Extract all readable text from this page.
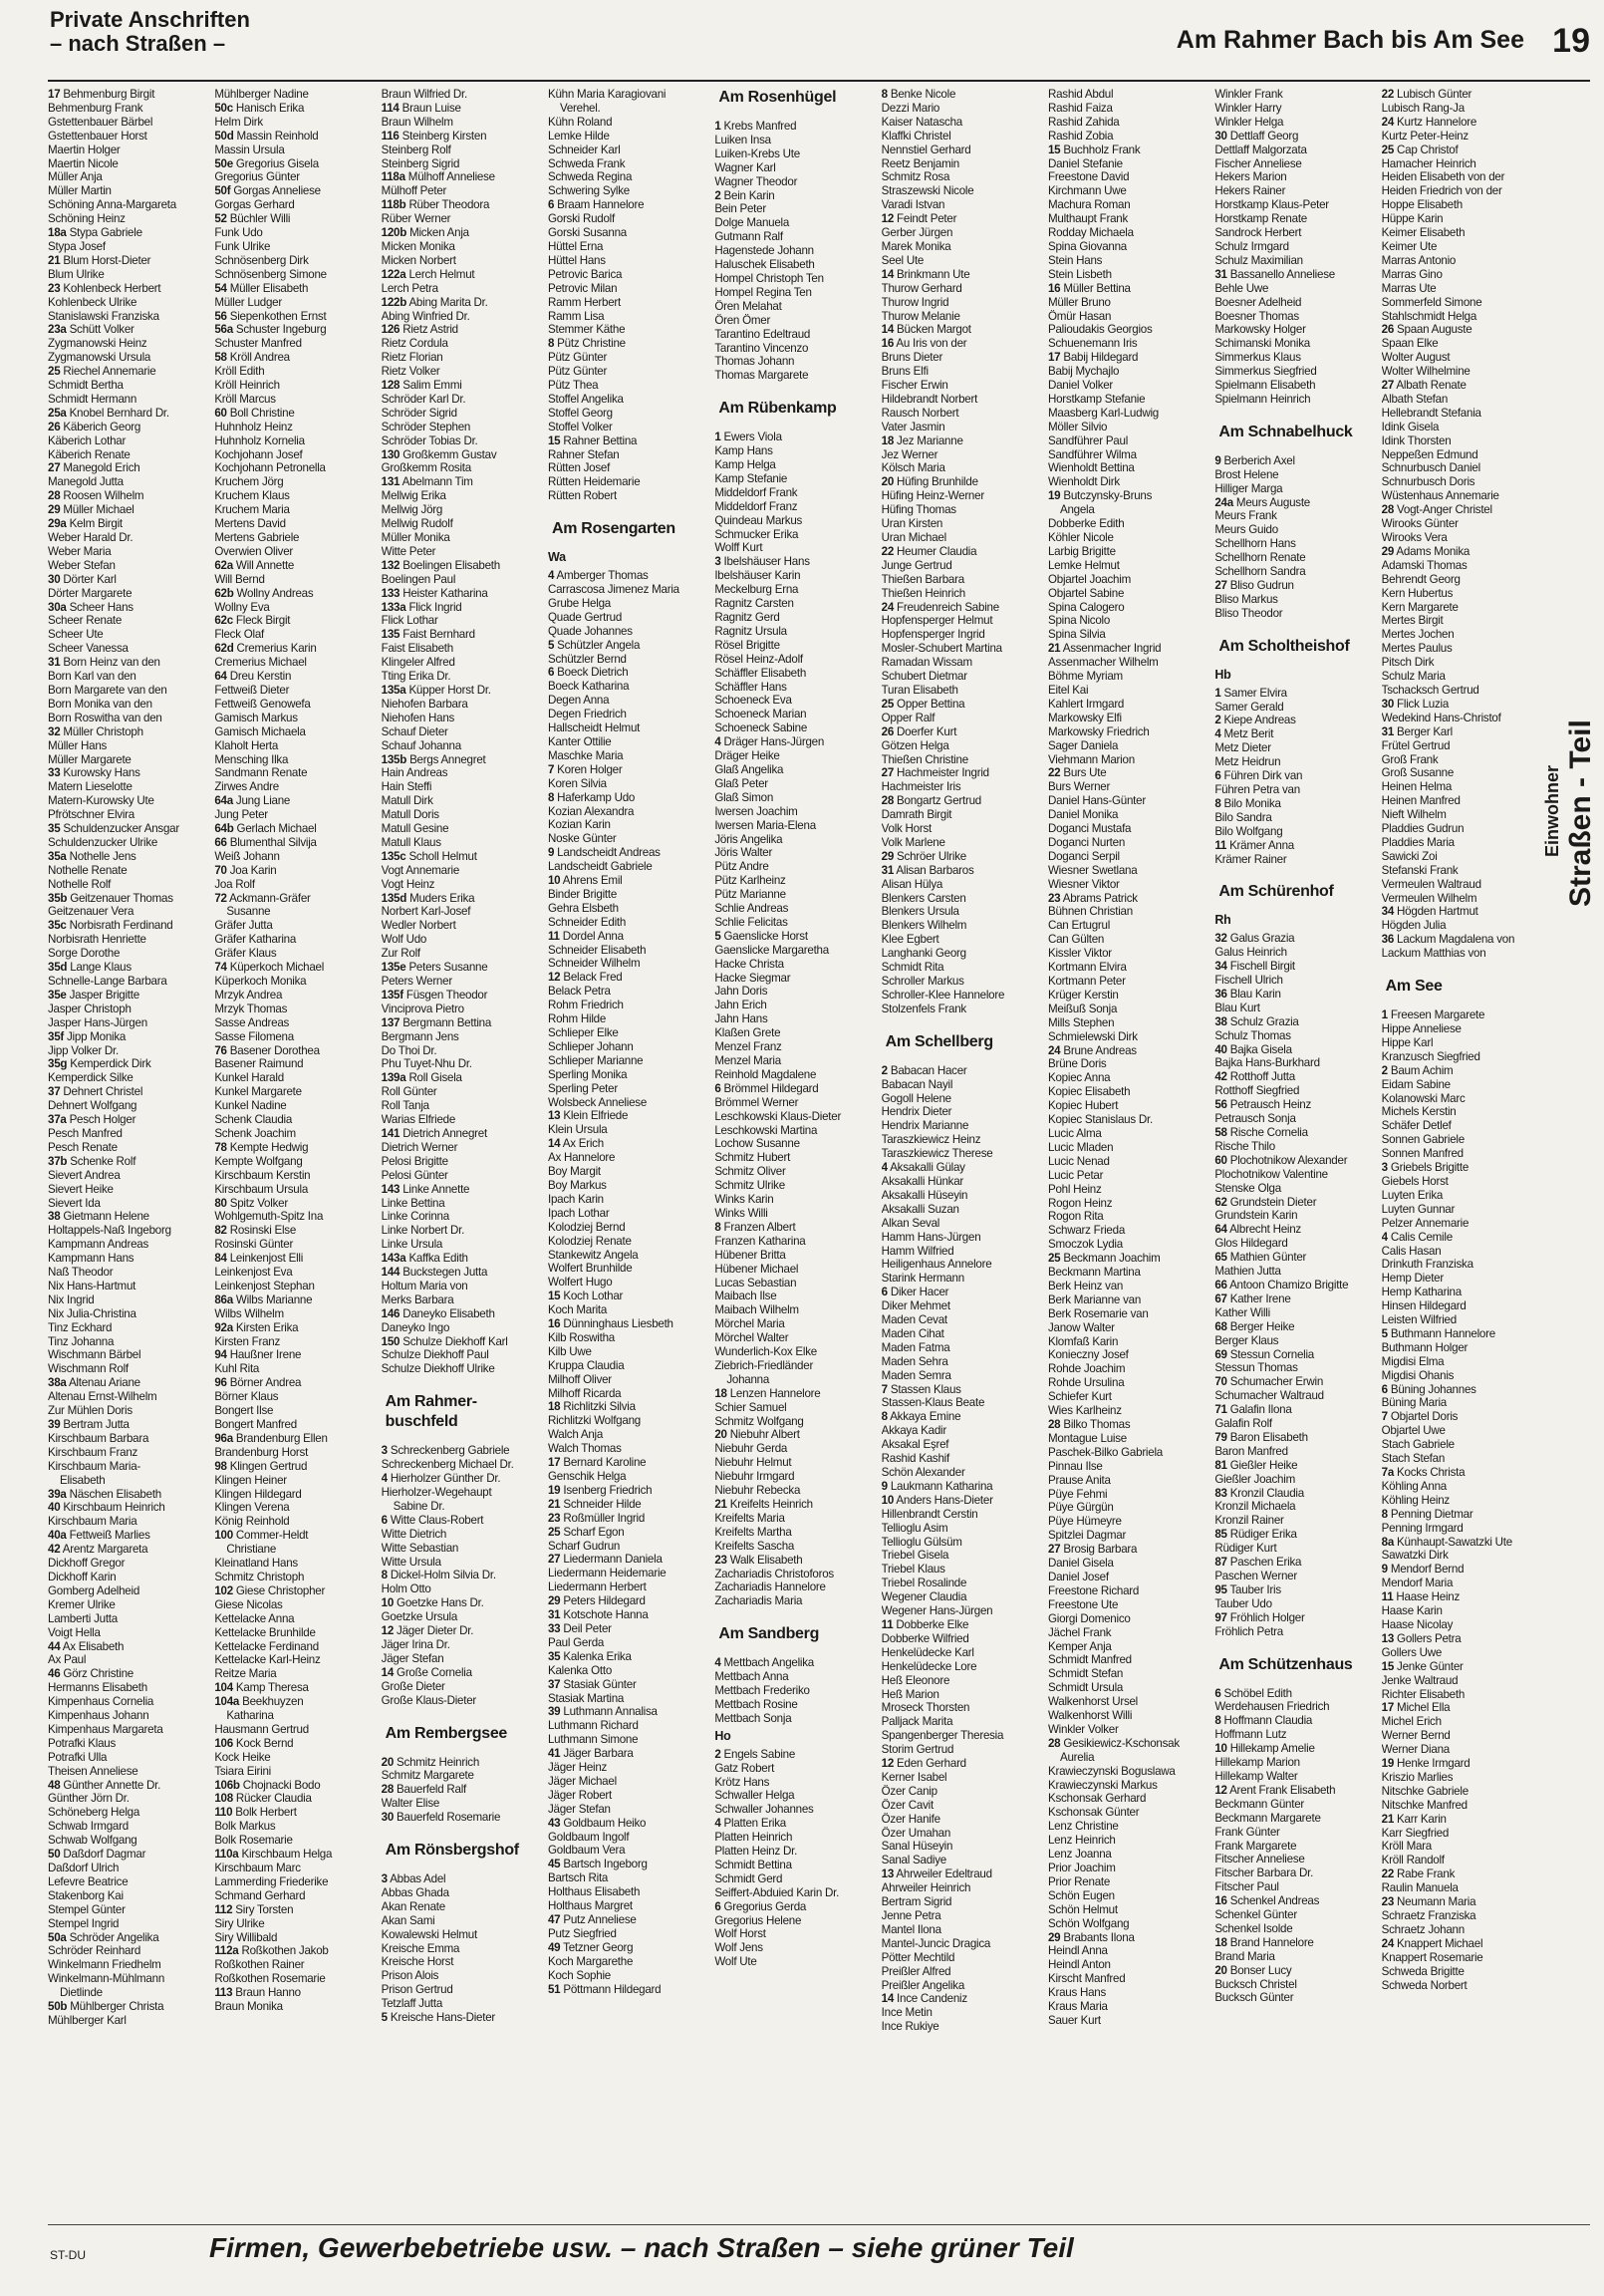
Private Anschriften
– nach Straßen –	Am Rahmer Bach bis Am See 19
17 Behmenburg Birgit
Behmenburg Frank
Gstettenbauer Bärbel
Gstettenbauer Horst
Maertin Holger
Maertin Nicole
Müller Anja
Müller Martin
Schöning Anna-Margareta
Schöning Heinz
18a Stypa Gabriele
Stypa Josef
21 Blum Horst-Dieter
Blum Ulrike
23 Kohlenbeck Herbert
Kohlenbeck Ulrike
Stanislawski Franziska
23a Schütt Volker
Zygmanowski Heinz
Zygmanowski Ursula
25 Riechel Annemarie
Schmidt Bertha
Schmidt Hermann
25a Knobel Bernhard Dr.
26 Käberich Georg
Käberich Lothar
Käberich Renate
27 Manegold Erich
Manegold Jutta
28 Roosen Wilhelm
29 Müller Michael
29a Kelm Birgit
Weber Harald Dr.
Weber Maria
Weber Stefan
30 Dörter Karl
Dörter Margarete
30a Scheer Hans
Scheer Renate
Scheer Ute
Scheer Vanessa
31 Born Heinz van den
Born Karl van den
Born Margarete van den
Born Monika van den
Born Roswitha van den
32 Müller Christoph
Müller Hans
Müller Margarete
33 Kurowsky Hans
Matern Lieselotte
Matern-Kurowsky Ute
Pfrötschner Elvira
35 Schuldenzucker Ansgar
Schuldenzucker Ulrike
35a Nothelle Jens
Nothelle Renate
Nothelle Rolf
35b Geitzenauer Thomas
Geitzenauer Vera
35c Norbisrath Ferdinand
Norbisrath Henriette
Sorge Dorothe
35d Lange Klaus
Schnelle-Lange Barbara
35e Jasper Brigitte
Jasper Christoph
Jasper Hans-Jürgen
35f Jipp Monika
Jipp Volker Dr.
35g Kemperdick Dirk
Kemperdick Silke
37 Dehnert Christel
Dehnert Wolfgang
37a Pesch Holger
Pesch Manfred
Pesch Renate
37b Schenke Rolf
Sievert Andrea
Sievert Heike
Sievert Ida
38 Gietmann Helene
Holtappels-Naß Ingeborg
Kampmann Andreas
Kampmann Hans
Naß Theodor
Nix Hans-Hartmut
Nix Ingrid
Nix Julia-Christina
Tinz Eckhard
Tinz Johanna
Wischmann Bärbel
Wischmann Rolf
38a Altenau Ariane
Altenau Ernst-Wilhelm
Zur Mühlen Doris
39 Bertram Jutta
Kirschbaum Barbara
Kirschbaum Franz
Kirschbaum Maria-
Elisabeth
39a Näschen Elisabeth
40 Kirschbaum Heinrich
Kirschbaum Maria
40a Fettweiß Marlies
42 Arentz Margareta
Dickhoff Gregor
Dickhoff Karin
Gomberg Adelheid
Kremer Ulrike
Lamberti Jutta
Voigt Hella
44 Ax Elisabeth
Ax Paul
46 Görz Christine
Hermanns Elisabeth
Kimpenhaus Cornelia
Kimpenhaus Johann
Kimpenhaus Margareta
Potrafki Klaus
Potrafki Ulla
Theisen Anneliese
48 Günther Annette Dr.
Günther Jörn Dr.
Schöneberg Helga
Schwab Irmgard
Schwab Wolfgang
50 Daßdorf Dagmar
Daßdorf Ulrich
Lefevre Beatrice
Stakenborg Kai
Stempel Günter
Stempel Ingrid
50a Schröder Angelika
Schröder Reinhard
Winkelmann Friedhelm
Winkelmann-Mühlmann
Dietlinde
50b Mühlberger Christa
Mühlberger Karl
Mühlberger Nadine
50c Hanisch Erika
Helm Dirk
50d Massin Reinhold
Massin Ursula
50e Gregorius Gisela
Gregorius Günter
50f Gorgas Anneliese
Gorgas Gerhard
52 Büchler Willi
Funk Udo
Funk Ulrike
Schnösenberg Dirk
Schnösenberg Simone
54 Müller Elisabeth
Müller Ludger
56 Siepenkothen Ernst
56a Schuster Ingeburg
Schuster Manfred
58 Kröll Andrea
Kröll Edith
Kröll Heinrich
Kröll Marcus
60 Boll Christine
Huhnholz Heinz
Huhnholz Kornelia
Kochjohann Josef
Kochjohann Petronella
Kruchem Jörg
Kruchem Klaus
Kruchem Maria
Mertens David
Mertens Gabriele
Overwien Oliver
62a Will Annette
Will Bernd
62b Wollny Andreas
Wollny Eva
62c Fleck Birgit
Fleck Olaf
62d Cremerius Karin
Cremerius Michael
64 Dreu Kerstin
Fettweiß Dieter
Fettweiß Genowefa
Gamisch Markus
Gamisch Michaela
Klaholt Herta
Mensching Ilka
Sandmann Renate
Zirwes Andre
64a Jung Liane
Jung Peter
64b Gerlach Michael
66 Blumenthal Silvija
Weiß Johann
70 Joa Karin
Joa Rolf
72 Ackmann-Gräfer
Susanne
Gräfer Jutta
Gräfer Katharina
Gräfer Klaus
74 Küperkoch Michael
Küperkoch Monika
Mrzyk Andrea
Mrzyk Thomas
Sasse Andreas
Sasse Filomena
76 Basener Dorothea
Basener Raimund
Kunkel Harald
Kunkel Margarete
Kunkel Nadine
Schenk Claudia
Schenk Joachim
78 Kempte Hedwig
Kempte Wolfgang
Kirschbaum Kerstin
Kirschbaum Ursula
80 Spitz Volker
Wohlgemuth-Spitz Ina
82 Rosinski Else
Rosinski Günter
84 Leinkenjost Elli
Leinkenjost Eva
Leinkenjost Stephan
86a Wilbs Marianne
Wilbs Wilhelm
92a Kirsten Erika
Kirsten Franz
94 Haußner Irene
Kuhl Rita
96 Börner Andrea
Börner Klaus
Bongert Ilse
Bongert Manfred
96a Brandenburg Ellen
Brandenburg Horst
98 Klingen Gertrud
Klingen Heiner
Klingen Hildegard
Klingen Verena
König Reinhold
100 Commer-Heldt
Christiane
Kleinatland Hans
Schmitz Christoph
102 Giese Christopher
Giese Nicolas
Kettelacke Anna
Kettelacke Brunhilde
Kettelacke Ferdinand
Kettelacke Karl-Heinz
Reitze Maria
104 Kamp Theresa
104a Beekhuyzen
Katharina
Hausmann Gertrud
106 Kock Bernd
Kock Heike
Tsiara Eirini
106b Chojnacki Bodo
108 Rücker Claudia
110 Bolk Herbert
Bolk Markus
Bolk Rosemarie
110a Kirschbaum Helga
Kirschbaum Marc
Lammerding Friederike
Schmand Gerhard
112 Siry Torsten
Siry Ulrike
Siry Willibald
112a Roßkothen Jakob
Roßkothen Rainer
Roßkothen Rosemarie
113 Braun Hanno
Braun Monika
Braun Wilfried Dr.
114 Braun Luise
Braun Wilhelm
116 Steinberg Kirsten
Steinberg Rolf
Steinberg Sigrid
118a Mülhoff Anneliese
Mülhoff Peter
118b Rüber Theodora
Rüber Werner
120b Micken Anja
Micken Monika
Micken Norbert
122a Lerch Helmut
Lerch Petra
122b Abing Marita Dr.
Abing Winfried Dr.
126 Rietz Astrid
Rietz Cordula
Rietz Florian
Rietz Volker
128 Salim Emmi
Schröder Karl Dr.
Schröder Sigrid
Schröder Stephen
Schröder Tobias Dr.
130 Großkemm Gustav
Großkemm Rosita
131 Abelmann Tim
Mellwig Erika
Mellwig Jörg
Mellwig Rudolf
Müller Monika
Witte Peter
132 Boelingen Elisabeth
Boelingen Paul
133 Heister Katharina
133a Flick Ingrid
Flick Lothar
135 Faist Bernhard
Faist Elisabeth
Klingeler Alfred
Tting Erika Dr.
135a Küpper Horst Dr.
Niehofen Barbara
Niehofen Hans
Schauf Dieter
Schauf Johanna
135b Bergs Annegret
Hain Andreas
Hain Steffi
Matull Dirk
Matull Doris
Matull Gesine
Matull Klaus
135c Scholl Helmut
Vogt Annemarie
Vogt Heinz
135d Muders Erika
Norbert Karl-Josef
Wedler Norbert
Wolf Udo
Zur Rolf
135e Peters Susanne
Peters Werner
135f Füsgen Theodor
Vinciprova Pietro
137 Bergmann Bettina
Bergmann Jens
Do Thoi Dr.
Phu Tuyet-Nhu Dr.
139a Roll Gisela
Roll Günter
Roll Tanja
Warias Elfriede
141 Dietrich Annegret
Dietrich Werner
Pelosi Brigitte
Pelosi Günter
143 Linke Annette
Linke Bettina
Linke Corinna
Linke Norbert Dr.
Linke Ursula
143a Kaffka Edith
144 Buckstegen Jutta
Holtum Maria von
Merks Barbara
146 Daneyko Elisabeth
Daneyko Ingo
150 Schulze Diekhoff Karl
Schulze Diekhoff Paul
Schulze Diekhoff Ulrike
Am Rahmer-buschfeld
3 Schreckenberg Gabriele
Schreckenberg Michael Dr.
4 Hierholzer Günther Dr.
Hierholzer-Wegehaupt
Sabine Dr.
6 Witte Claus-Robert
Witte Dietrich
Witte Sebastian
Witte Ursula
8 Dickel-Holm Silvia Dr.
Holm Otto
10 Goetzke Hans Dr.
Goetzke Ursula
12 Jäger Dieter Dr.
Jäger Irina Dr.
Jäger Stefan
14 Große Cornelia
Große Dieter
Große Klaus-Dieter
Am Rembergsee
20 Schmitz Heinrich
Schmitz Margarete
28 Bauerfeld Ralf
Walter Elise
30 Bauerfeld Rosemarie
Am Rönsbergshof
3 Abbas Adel
Abbas Ghada
Akan Renate
Akan Sami
Kowalewski Helmut
Kreische Emma
Kreische Horst
Prison Alois
Prison Gertrud
Tetzlaff Jutta
5 Kreische Hans-Dieter
Kühn Maria Karagiovani
Verehel.
Kühn Roland
Lemke Hilde
Schneider Karl
Schweda Frank
Schweda Regina
Schwering Sylke
6 Braam Hannelore
Gorski Rudolf
Gorski Susanna
Hüttel Erna
Hüttel Hans
Petrovic Barica
Petrovic Milan
Ramm Herbert
Ramm Lisa
Stemmer Käthe
8 Pütz Christine
Pütz Günter
Pütz Günter
Pütz Thea
Stoffel Angelika
Stoffel Georg
Stoffel Volker
15 Rahner Bettina
Rahner Stefan
Rütten Josef
Rütten Heidemarie
Rütten Robert
Am Rosengarten
Wa
4 Amberger Thomas
Carrascosa Jimenez Maria
Grube Helga
Quade Gertrud
Quade Johannes
5 Schützler Angela
Schützler Bernd
6 Boeck Dietrich
Boeck Katharina
Degen Anna
Degen Friedrich
Hallscheidt Helmut
Kanter Ottilie
Maschke Maria
7 Koren Holger
Koren Silvia
8 Haferkamp Udo
Kozian Alexandra
Kozian Karin
Noske Günter
9 Landscheidt Andreas
Landscheidt Gabriele
10 Ahrens Emil
Binder Brigitte
Gehra Elsbeth
Schneider Edith
11 Dordel Anna
Schneider Elisabeth
Schneider Wilhelm
12 Belack Fred
Belack Petra
Rohm Friedrich
Rohm Hilde
Schlieper Elke
Schlieper Johann
Schlieper Marianne
Sperling Monika
Sperling Peter
Wolsbeck Anneliese
13 Klein Elfriede
Klein Ursula
14 Ax Erich
Ax Hannelore
Boy Margit
Boy Markus
Ipach Karin
Ipach Lothar
Kolodziej Bernd
Kolodziej Renate
Stankewitz Angela
Wolfert Brunhilde
Wolfert Hugo
15 Koch Lothar
Koch Marita
16 Dünninghaus Liesbeth
Kilb Roswitha
Kilb Uwe
Kruppa Claudia
Milhoff Oliver
Milhoff Ricarda
18 Richlitzki Silvia
Richlitzki Wolfgang
Walch Anja
Walch Thomas
17 Bernard Karoline
Genschik Helga
19 Isenberg Friedrich
21 Schneider Hilde
23 Roßmüller Ingrid
25 Scharf Egon
Scharf Gudrun
27 Liedermann Daniela
Liedermann Heidemarie
Liedermann Herbert
29 Peters Hildegard
31 Kotschote Hanna
33 Deil Peter
Paul Gerda
35 Kalenka Erika
Kalenka Otto
37 Stasiak Günter
Stasiak Martina
39 Luthmann Annalisa
Luthmann Richard
Luthmann Simone
41 Jäger Barbara
Jäger Heinz
Jäger Michael
Jäger Robert
Jäger Stefan
43 Goldbaum Heiko
Goldbaum Ingolf
Goldbaum Vera
45 Bartsch Ingeborg
Bartsch Rita
Holthaus Elisabeth
Holthaus Margret
47 Putz Anneliese
Putz Siegfried
49 Tetzner Georg
Koch Margarethe
Koch Sophie
51 Pöttmann Hildegard
Am Rosenhügel
1 Krebs Manfred
Luiken Insa
Luiken-Krebs Ute
Wagner Karl
Wagner Theodor
2 Bein Karin
Bein Peter
Dolge Manuela
Gutmann Ralf
Hagenstede Johann
Haluschek Elisabeth
Hompel Christoph Ten
Hompel Regina Ten
Ören Melahat
Ören Ömer
Tarantino Edeltraud
Tarantino Vincenzo
Thomas Johann
Thomas Margarete
Am Rübenkamp
1 Ewers Viola
Kamp Hans
Kamp Helga
Kamp Stefanie
Middeldorf Frank
Middeldorf Franz
Quindeau Markus
Schmucker Erika
Wolff Kurt
3 Ibelshäuser Hans
Ibelshäuser Karin
Meckelburg Erna
Ragnitz Carsten
Ragnitz Gerd
Ragnitz Ursula
Rösel Brigitte
Rösel Heinz-Adolf
Schäffler Elisabeth
Schäffler Hans
Schoeneck Eva
Schoeneck Marian
Schoeneck Sabine
4 Dräger Hans-Jürgen
Dräger Heike
Glaß Angelika
Glaß Peter
Glaß Simon
Iwersen Joachim
Iwersen Maria-Elena
Jöris Angelika
Jöris Walter
Pütz Andre
Pütz Karlheinz
Pütz Marianne
Schlie Andreas
Schlie Felicitas
5 Gaenslicke Horst
Gaenslicke Margaretha
Hacke Christa
Hacke Siegmar
Jahn Doris
Jahn Erich
Jahn Hans
Klaßen Grete
Menzel Franz
Menzel Maria
Reinhold Magdalene
6 Brömmel Hildegard
Brömmel Werner
Leschkowski Klaus-Dieter
Leschkowski Martina
Lochow Susanne
Schmitz Hubert
Schmitz Oliver
Schmitz Ulrike
Winks Karin
Winks Willi
8 Franzen Albert
Franzen Katharina
Hübener Britta
Hübener Michael
Lucas Sebastian
Maibach Ilse
Maibach Wilhelm
Mörchel Maria
Mörchel Walter
Wunderlich-Kox Elke
Ziebrich-Friedländer
Johanna
18 Lenzen Hannelore
Schier Samuel
Schmitz Wolfgang
20 Niebuhr Albert
Niebuhr Gerda
Niebuhr Helmut
Niebuhr Irmgard
Niebuhr Rebecka
21 Kreifelts Heinrich
Kreifelts Maria
Kreifelts Martha
Kreifelts Sascha
23 Walk Elisabeth
Zachariadis Christoforos
Zachariadis Hannelore
Zachariadis Maria
Am Sandberg
4 Mettbach Angelika
Mettbach Anna
Mettbach Frederiko
Mettbach Rosine
Mettbach Sonja
Ho
2 Engels Sabine
Gatz Robert
Krötz Hans
Schwaller Helga
Schwaller Johannes
4 Platten Erika
Platten Heinrich
Platten Heinz Dr.
Schmidt Bettina
Schmidt Gerd
Seiffert-Abduied Karin Dr.
6 Gregorius Gerda
Gregorius Helene
Wolf Horst
Wolf Jens
Wolf Ute
8 Benke Nicole
Dezzi Mario
Kaiser Natascha
Klaffki Christel
Nennstiel Gerhard
Reetz Benjamin
Schmitz Rosa
Straszewski Nicole
Varadi Istvan
12 Feindt Peter
Gerber Jürgen
Marek Monika
Seel Ute
14 Brinkmann Ute
Thurow Gerhard
Thurow Ingrid
Thurow Melanie
14 Bücken Margot
16 Au Iris von der
Bruns Dieter
Bruns Elfi
Fischer Erwin
Hildebrandt Norbert
Rausch Norbert
Vater Jasmin
18 Jez Marianne
Jez Werner
Kölsch Maria
20 Hüfing Brunhilde
Hüfing Heinz-Werner
Hüfing Thomas
Uran Kirsten
Uran Michael
22 Heumer Claudia
Junge Gertrud
Thießen Barbara
Thießen Heinrich
24 Freudenreich Sabine
Hopfensperger Helmut
Hopfensperger Ingrid
Mosler-Schubert Martina
Ramadan Wissam
Schubert Dietmar
Turan Elisabeth
25 Opper Bettina
Opper Ralf
26 Doerfer Kurt
Götzen Helga
Thießen Christine
27 Hachmeister Ingrid
Hachmeister Iris
28 Bongartz Gertrud
Damrath Birgit
Volk Horst
Volk Marlene
29 Schröer Ulrike
31 Alisan Barbaros
Alisan Hülya
Blenkers Carsten
Blenkers Ursula
Blenkers Wilhelm
Klee Egbert
Langhanki Georg
Schmidt Rita
Schroller Markus
Schroller-Klee Hannelore
Stolzenfels Frank
Am Schellberg
2 Babacan Hacer
Babacan Nayil
Gogoll Helene
Hendrix Dieter
Hendrix Marianne
Taraszkiewicz Heinz
Taraszkiewicz Therese
4 Aksakalli Gülay
Aksakalli Hünkar
Aksakalli Hüseyin
Aksakalli Suzan
Alkan Seval
Hamm Hans-Jürgen
Hamm Wilfried
Heiligenhaus Annelore
Starink Hermann
6 Diker Hacer
Diker Mehmet
Maden Cevat
Maden Cihat
Maden Fatma
Maden Sehra
Maden Semra
7 Stassen Klaus
Stassen-Klaus Beate
8 Akkaya Emine
Akkaya Kadir
Aksakal Eşref
Rashid Kashif
Schön Alexander
9 Laukmann Katharina
10 Anders Hans-Dieter
Hillenbrandt Cerstin
Tellioglu Asim
Tellioglu Gülsüm
Triebel Gisela
Triebel Klaus
Triebel Rosalinde
Wegener Claudia
Wegener Hans-Jürgen
11 Dobberke Elke
Dobberke Wilfried
Henkelüdecke Karl
Henkelüdecke Lore
Heß Eleonore
Heß Marion
Mroseck Thorsten
Palljack Marita
Spangenberger Theresia
Storim Gertrud
12 Eden Gerhard
Kerner Isabel
Özer Canip
Özer Cavit
Özer Hanife
Özer Umahan
Sanal Hüseyin
Sanal Sadiye
13 Ahrweiler Edeltraud
Ahrweiler Heinrich
Bertram Sigrid
Jenne Petra
Mantel Ilona
Mantel-Juncic Dragica
Pötter Mechtild
Preißler Alfred
Preißler Angelika
14 Ince Candeniz
Ince Metin
Ince Rukiye
Rashid Abdul
Rashid Faiza
Rashid Zahida
Rashid Zobia
15 Buchholz Frank
Daniel Stefanie
Freestone David
Kirchmann Uwe
Machura Roman
Multhaupt Frank
Rodday Michaela
Spina Giovanna
Stein Hans
Stein Lisbeth
16 Müller Bettina
Müller Bruno
Ömür Hasan
Palioudakis Georgios
Schuenemann Iris
17 Babij Hildegard
Babij Mychajlo
Daniel Volker
Horstkamp Stefanie
Maasberg Karl-Ludwig
Möller Silvio
Sandführer Paul
Sandführer Wilma
Wienholdt Bettina
Wienholdt Dirk
19 Butczynsky-Bruns
Angela
Dobberke Edith
Köhler Nicole
Larbig Brigitte
Lemke Helmut
Objartel Joachim
Objartel Sabine
Spina Calogero
Spina Nicolo
Spina Silvia
21 Assenmacher Ingrid
Assenmacher Wilhelm
Böhme Myriam
Eitel Kai
Kahlert Irmgard
Markowsky Elfi
Markowsky Friedrich
Sager Daniela
Viehmann Marion
22 Burs Ute
Burs Werner
Daniel Hans-Günter
Daniel Monika
Doganci Mustafa
Doganci Nurten
Doganci Serpil
Wiesner Swetlana
Wiesner Viktor
23 Abrams Patrick
Bühnen Christian
Can Ertugrul
Can Gülten
Kissler Viktor
Kortmann Elvira
Kortmann Peter
Krüger Kerstin
Meißuß Sonja
Mills Stephen
Schmielewski Dirk
24 Brune Andreas
Brüne Doris
Kopiec Anna
Kopiec Elisabeth
Kopiec Hubert
Kopiec Stanislaus Dr.
Lucic Alma
Lucic Mladen
Lucic Nenad
Lucic Petar
Pohl Heinz
Rogon Heinz
Rogon Rita
Schwarz Frieda
Smoczok Lydia
25 Beckmann Joachim
Beckmann Martina
Berk Heinz van
Berk Marianne van
Berk Rosemarie van
Janow Walter
Klomfaß Karin
Konieczny Josef
Rohde Joachim
Rohde Ursulina
Schiefer Kurt
Wies Karlheinz
28 Bilko Thomas
Montague Luise
Paschek-Bilko Gabriela
Pinnau Ilse
Prause Anita
Püye Fehmi
Püye Gürgün
Püye Hümeyre
Spitzlei Dagmar
27 Brosig Barbara
Daniel Gisela
Daniel Josef
Freestone Richard
Freestone Ute
Giorgi Domenico
Jächel Frank
Kemper Anja
Schmidt Manfred
Schmidt Stefan
Schmidt Ursula
Walkenhorst Ursel
Walkenhorst Willi
Winkler Volker
28 Gesikiewicz-Kschonsak
Aurelia
Krawieczynski Boguslawa
Krawieczynski Markus
Kschonsak Gerhard
Kschonsak Günter
Lenz Christine
Lenz Heinrich
Lenz Joanna
Prior Joachim
Prior Renate
Schön Eugen
Schön Helmut
Schön Wolfgang
29 Brabants Ilona
Heindl Anna
Heindl Anton
Kirscht Manfred
Kraus Hans
Kraus Maria
Sauer Kurt
Winkler Frank
Winkler Harry
Winkler Helga
30 Dettlaff Georg
Dettlaff Malgorzata
Fischer Anneliese
Hekers Marion
Hekers Rainer
Horstkamp Klaus-Peter
Horstkamp Renate
Sandrock Herbert
Schulz Irmgard
Schulz Maximilian
31 Bassanello Anneliese
Behle Uwe
Boesner Adelheid
Boesner Thomas
Markowsky Holger
Schimanski Monika
Simmerkus Klaus
Simmerkus Siegfried
Spielmann Elisabeth
Spielmann Heinrich
Am Schnabelhuck
9 Berberich Axel
Brost Helene
Hilliger Marga
24a Meurs Auguste
Meurs Frank
Meurs Guido
Schellhorn Hans
Schellhorn Renate
Schellhorn Sandra
27 Bliso Gudrun
Bliso Markus
Bliso Theodor
Am Scholtheishof
Hb
1 Samer Elvira
Samer Gerald
2 Kiepe Andreas
4 Metz Berit
Metz Dieter
Metz Heidrun
6 Führen Dirk van
Führen Petra van
8 Bilo Monika
Bilo Sandra
Bilo Wolfgang
11 Krämer Anna
Krämer Rainer
Am Schürenhof
Rh
32 Galus Grazia
Galus Heinrich
34 Fischell Birgit
Fischell Ulrich
36 Blau Karin
Blau Kurt
38 Schulz Grazia
Schulz Thomas
40 Bajka Gisela
Bajka Hans-Burkhard
42 Rotthoff Jutta
Rotthoff Siegfried
56 Petrausch Heinz
Petrausch Sonja
58 Rische Cornelia
Rische Thilo
60 Plochotnikow Alexander
Plochotnikow Valentine
Stenske Olga
62 Grundstein Dieter
Grundstein Karin
64 Albrecht Heinz
Glos Hildegard
65 Mathien Günter
Mathien Jutta
66 Antoon Chamizo Brigitte
67 Kather Irene
Kather Willi
68 Berger Heike
Berger Klaus
69 Stessun Cornelia
Stessun Thomas
70 Schumacher Erwin
Schumacher Waltraud
71 Galafin Ilona
Galafin Rolf
79 Baron Elisabeth
Baron Manfred
81 Gießler Heike
Gießler Joachim
83 Kronzil Claudia
Kronzil Michaela
Kronzil Rainer
85 Rüdiger Erika
Rüdiger Kurt
87 Paschen Erika
Paschen Werner
95 Tauber Iris
Tauber Udo
97 Fröhlich Holger
Fröhlich Petra
Am Schützenhaus
6 Schöbel Edith
Werdehausen Friedrich
8 Hoffmann Claudia
Hoffmann Lutz
10 Hillekamp Amelie
Hillekamp Marion
Hillekamp Walter
12 Arent Frank Elisabeth
Beckmann Günter
Beckmann Margarete
Frank Günter
Frank Margarete
Fitscher Anneliese
Fitscher Barbara Dr.
Fitscher Paul
16 Schenkel Andreas
Schenkel Günter
Schenkel Isolde
18 Brand Hannelore
Brand Maria
20 Bonser Lucy
Bucksch Christel
Bucksch Günter
22 Lubisch Günter
Lubisch Rang-Ja
24 Kurtz Hannelore
Kurtz Peter-Heinz
25 Cap Christof
Hamacher Heinrich
Heiden Elisabeth von der
Heiden Friedrich von der
Hoppe Elisabeth
Hüppe Karin
Keimer Elisabeth
Keimer Ute
Marras Antonio
Marras Gino
Marras Ute
Sommerfeld Simone
Stahlschmidt Helga
26 Spaan Auguste
Spaan Elke
Wolter August
Wolter Wilhelmine
27 Albath Renate
Albath Stefan
Hellebrandt Stefania
Idink Gisela
Idink Thorsten
Neppeßen Edmund
Schnurbusch Daniel
Schnurbusch Doris
Wüstenhaus Annemarie
28 Vogt-Anger Christel
Wirooks Günter
Wirooks Vera
29 Adams Monika
Adamski Thomas
Behrendt Georg
Kern Hubertus
Kern Margarete
Mertes Birgit
Mertes Jochen
Mertes Paulus
Pitsch Dirk
Schulz Maria
Tschacksch Gertrud
30 Flick Luzia
Wedekind Hans-Christof
31 Berger Karl
Frütel Gertrud
Groß Frank
Groß Susanne
Heinen Helma
Heinen Manfred
Nieft Wilhelm
Pladdies Gudrun
Pladdies Maria
Sawicki Zoi
Stefanski Frank
Vermeulen Waltraud
Vermeulen Wilhelm
34 Högden Hartmut
Högden Julia
36 Lackum Magdalena von
Lackum Matthias von
Am See
1 Freesen Margarete
Hippe Anneliese
Hippe Karl
Kranzusch Siegfried
2 Baum Achim
Eidam Sabine
Kolanowski Marc
Michels Kerstin
Schäfer Detlef
Sonnen Gabriele
Sonnen Manfred
3 Griebels Brigitte
Giebels Horst
Luyten Erika
Luyten Gunnar
Pelzer Annemarie
4 Calis Cemile
Calis Hasan
Drinkuth Franziska
Hemp Dieter
Hemp Katharina
Hinsen Hildegard
Leisten Wilfried
5 Buthmann Hannelore
Buthmann Holger
Migdisi Elma
Migdisi Ohanis
6 Büning Johannes
Büning Maria
7 Objartel Doris
Objartel Uwe
Stach Gabriele
Stach Stefan
7a Kocks Christa
Köhling Anna
Köhling Heinz
8 Penning Dietmar
Penning Irmgard
8a Künhaupt-Sawatzki Ute
Sawatzki Dirk
9 Mendorf Bernd
Mendorf Maria
11 Haase Heinz
Haase Karin
Haase Nicolay
13 Gollers Petra
Gollers Uwe
15 Jenke Günter
Jenke Waltraud
Richter Elisabeth
17 Michel Ella
Michel Erich
Werner Bernd
Werner Diana
19 Henke Irmgard
Kriszio Marlies
Nitschke Gabriele
Nitschke Manfred
21 Karr Karin
Karr Siegfried
Kröll Mara
Kröll Randolf
22 Rabe Frank
Raulin Manuela
23 Neumann Maria
Schraetz Franziska
Schraetz Johann
24 Knappert Michael
Knappert Rosemarie
Schweda Brigitte
Schweda Norbert
Einwohner Straßen - Teil
ST-DU	Firmen, Gewerbebetriebe usw. – nach Straßen – siehe grüner Teil
